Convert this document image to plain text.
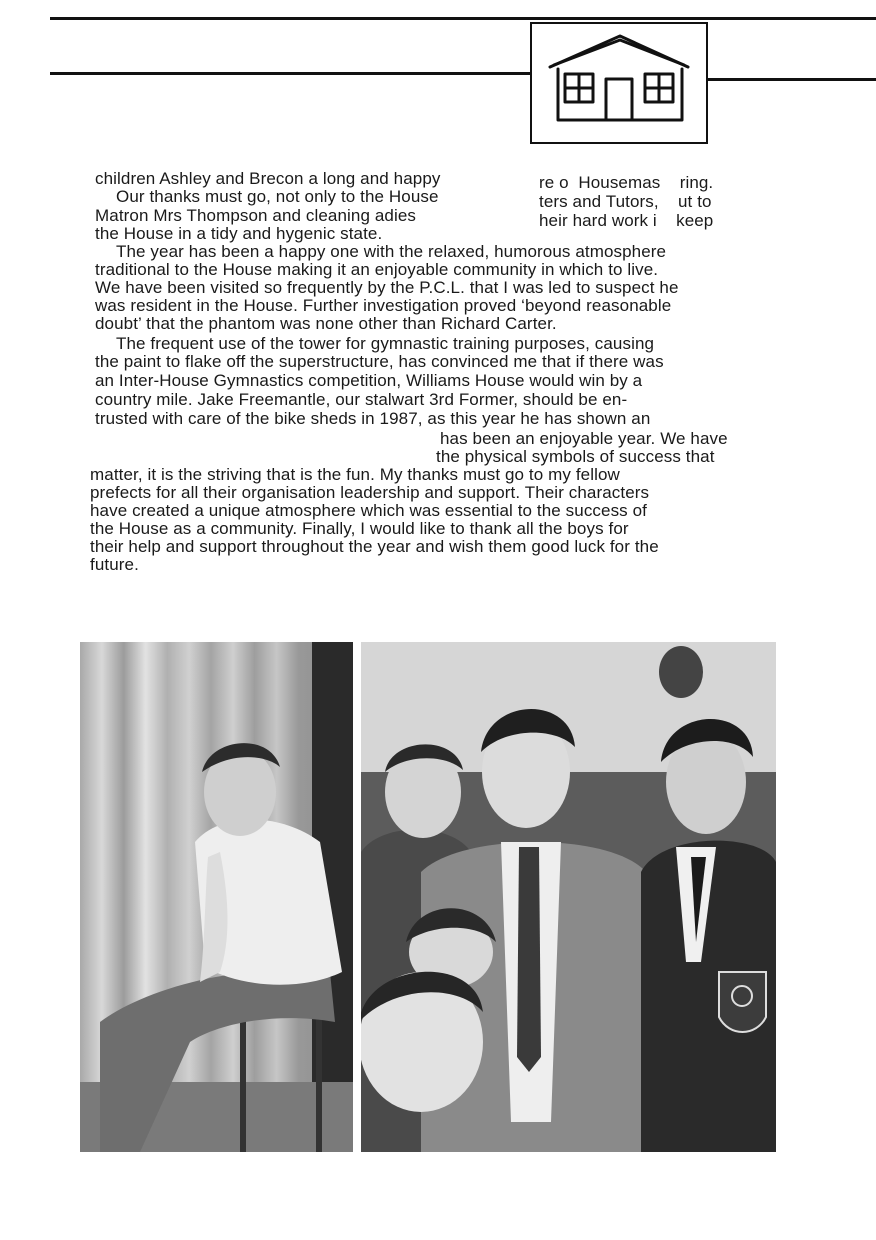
children Ashley and Brecon a long and happy
Our thanks must go, not only to the House
Matron Mrs Thompson and cleaning adies
re o  Housemas    ring.
ters and Tutors,    ut to
heir hard work i    keep
the House in a tidy and hygenic state.
The year has been a happy one with the relaxed, humorous atmosphere
traditional to the House making it an enjoyable community in which to live.
We have been visited so frequently by the P.C.L. that I was led to suspect he
was resident in the House. Further investigation proved ‘beyond reasonable
doubt’ that the phantom was none other than Richard Carter.
The frequent use of the tower for gymnastic training purposes, causing
the paint to flake off the superstructure, has convinced me that if there was
an Inter-House Gymnastics competition, Williams House would win by a
country mile. Jake Freemantle, our stalwart 3rd Former, should be en-
trusted with care of the bike sheds in 1987, as this year he has shown an
has been an enjoyable year. We have
the physical symbols of success that
matter, it is the striving that is the fun. My thanks must go to my fellow
prefects for all their organisation leadership and support. Their characters
have created a unique atmosphere which was essential to the success of
the House as a community. Finally, I would like to thank all the boys for
their help and support throughout the year and wish them good luck for the
future.
